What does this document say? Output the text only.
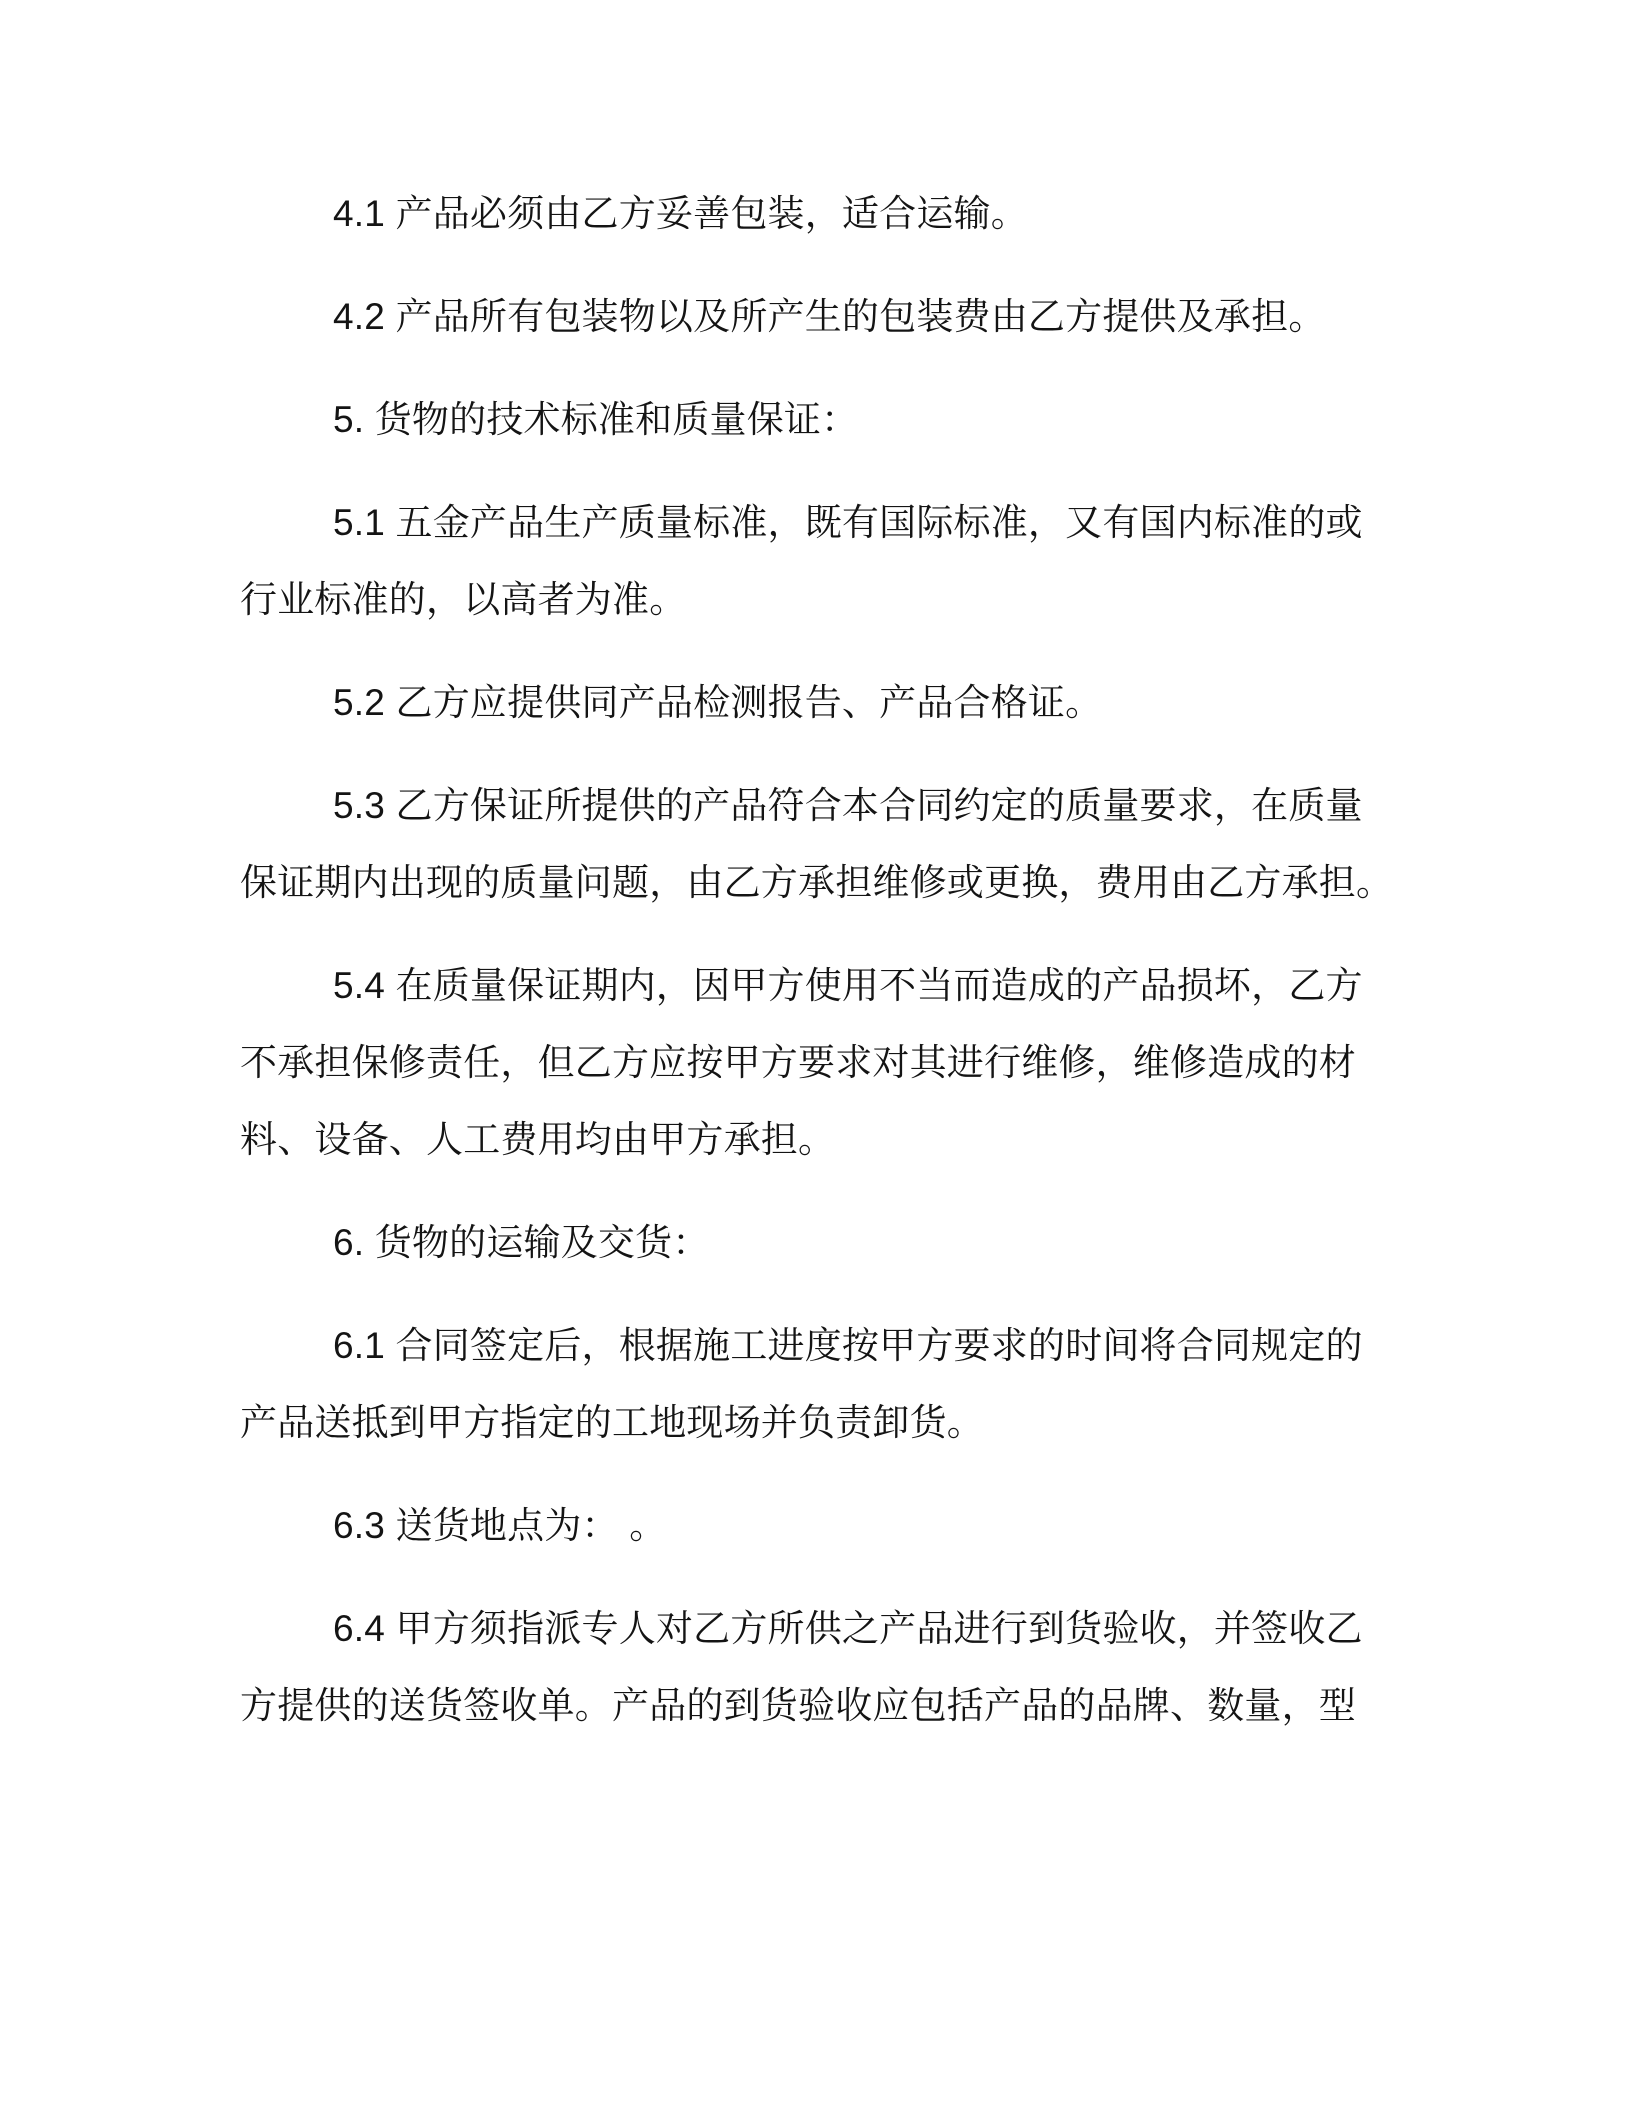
4.1 产品必须由乙方妥善包装，适合运输。
4.2 产品所有包装物以及所产生的包装费由乙方提供及承担。
5. 货物的技术标准和质量保证：
5.1 五金产品生产质量标准，既有国际标准，又有国内标准的或
行业标准的，以高者为准。
5.2 乙方应提供同产品检测报告、产品合格证。
5.3 乙方保证所提供的产品符合本合同约定的质量要求，在质量
保证期内出现的质量问题，由乙方承担维修或更换，费用由乙方承担。
5.4 在质量保证期内，因甲方使用不当而造成的产品损坏，乙方
不承担保修责任，但乙方应按甲方要求对其进行维修，维修造成的材
料、设备、人工费用均由甲方承担。
6. 货物的运输及交货：
6.1 合同签定后，根据施工进度按甲方要求的时间将合同规定的
产品送抵到甲方指定的工地现场并负责卸货。
6.3 送货地点为： 。
6.4 甲方须指派专人对乙方所供之产品进行到货验收，并签收乙
方提供的送货签收单。产品的到货验收应包括产品的品牌、数量，型
